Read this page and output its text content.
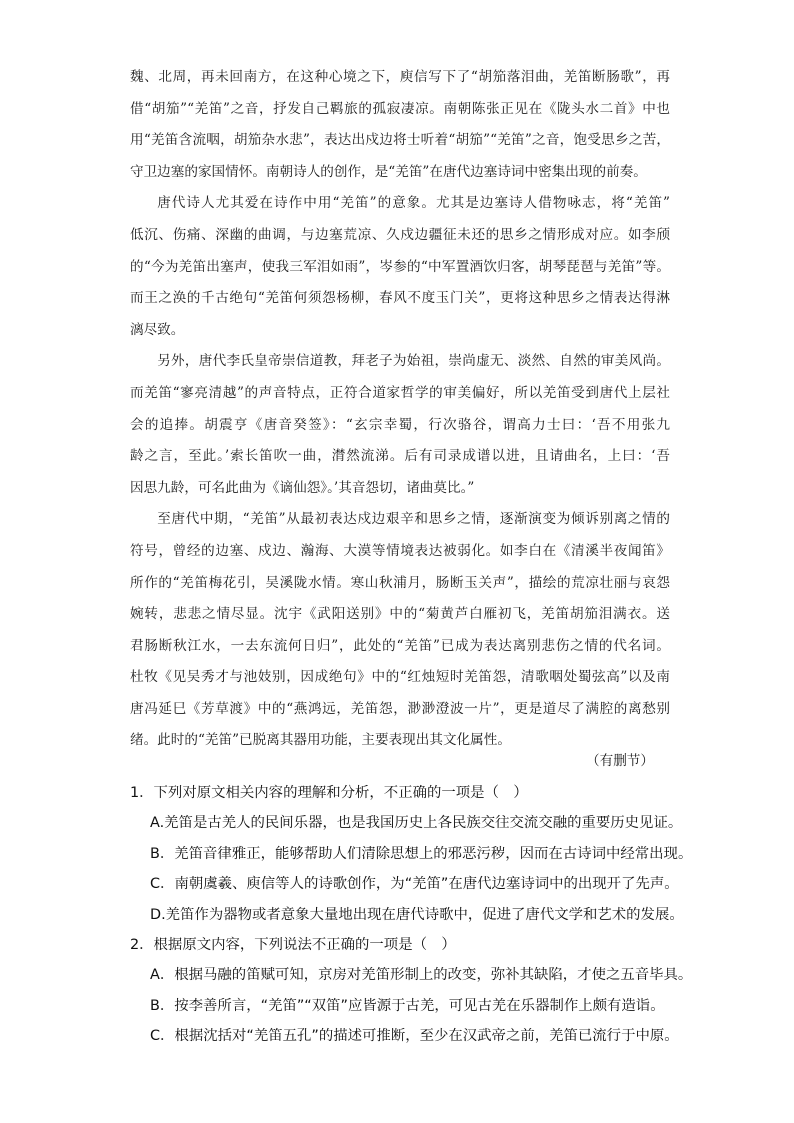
魏、北周，再未回南方，在这种心境之下，庾信写下了“胡笳落泪曲，羌笛断肠歌”，再

借“胡笳”“羌笛”之音，抒发自己羁旅的孤寂凄凉。南朝陈张正见在《陇头水二首》中也

用“羌笛含流咽，胡笳杂水悲”，表达出戍边将士听着“胡笳”“羌笛”之音，饱受思乡之苦，

守卫边塞的家国情怀。南朝诗人的创作，是“羌笛”在唐代边塞诗词中密集出现的前奏。

唐代诗人尤其爱在诗作中用“羌笛”的意象。尤其是边塞诗人借物咏志，将“羌笛”

低沉、伤痛、深幽的曲调，与边塞荒凉、久戍边疆征未还的思乡之情形成对应。如李颀

的“今为羌笛出塞声，使我三军泪如雨”，岑参的“中军置酒饮归客，胡琴琵琶与羌笛”等。

而王之涣的千古绝句“羌笛何须怨杨柳，春风不度玉门关”，更将这种思乡之情表达得淋

漓尽致。

另外，唐代李氏皇帝崇信道教，拜老子为始祖，崇尚虚无、淡然、自然的审美风尚。

而羌笛“寥亮清越”的声音特点，正符合道家哲学的审美偏好，所以羌笛受到唐代上层社

会的追捧。胡震亨《唐音癸签》：“玄宗幸蜀，行次骆谷，谓高力士曰：‘吾不用张九

龄之言，至此。’索长笛吹一曲，潸然流涕。后有司录成谱以进，且请曲名，上曰：‘吾

因思九龄，可名此曲为《谪仙怨》。’其音怨切，诸曲莫比。”

至唐代中期，“羌笛”从最初表达戍边艰辛和思乡之情，逐渐演变为倾诉别离之情的

符号，曾经的边塞、戍边、瀚海、大漠等情境表达被弱化。如李白在《清溪半夜闻笛》

所作的“羌笛梅花引，吴溪陇水情。寒山秋浦月，肠断玉关声”，描绘的荒凉壮丽与哀怨

婉转，悲悲之情尽显。沈宇《武阳送别》中的“菊黄芦白雁初飞，羌笛胡笳泪满衣。送

君肠断秋江水，一去东流何日归”，此处的“羌笛”已成为表达离别悲伤之情的代名词。

杜牧《见吴秀才与池妓别，因成绝句》中的“红烛短时羌笛怨，清歌咽处蜀弦高”以及南

唐冯延巳《芳草渡》中的“燕鸿远，羌笛怨，渺渺澄波一片”，更是道尽了满腔的离愁别

绪。此时的“羌笛”已脱离其器用功能，主要表现出其文化属性。

（有删节）

1．下列对原文相关内容的理解和分析，不正确的一项是（　）

A.羌笛是古羌人的民间乐器，也是我国历史上各民族交往交流交融的重要历史见证。

B．羌笛音律雅正，能够帮助人们清除思想上的邪恶污秽，因而在古诗词中经常出现。

C．南朝虞羲、庾信等人的诗歌创作，为“羌笛”在唐代边塞诗词中的出现开了先声。

D.羌笛作为器物或者意象大量地出现在唐代诗歌中，促进了唐代文学和艺术的发展。

2．根据原文内容，下列说法不正确的一项是（　）

A．根据马融的笛赋可知，京房对羌笛形制上的改变，弥补其缺陷，才使之五音毕具。

B．按李善所言，“羌笛”“双笛”应皆源于古羌，可见古羌在乐器制作上颇有造诣。

C．根据沈括对“羌笛五孔”的描述可推断，至少在汉武帝之前，羌笛已流行于中原。
